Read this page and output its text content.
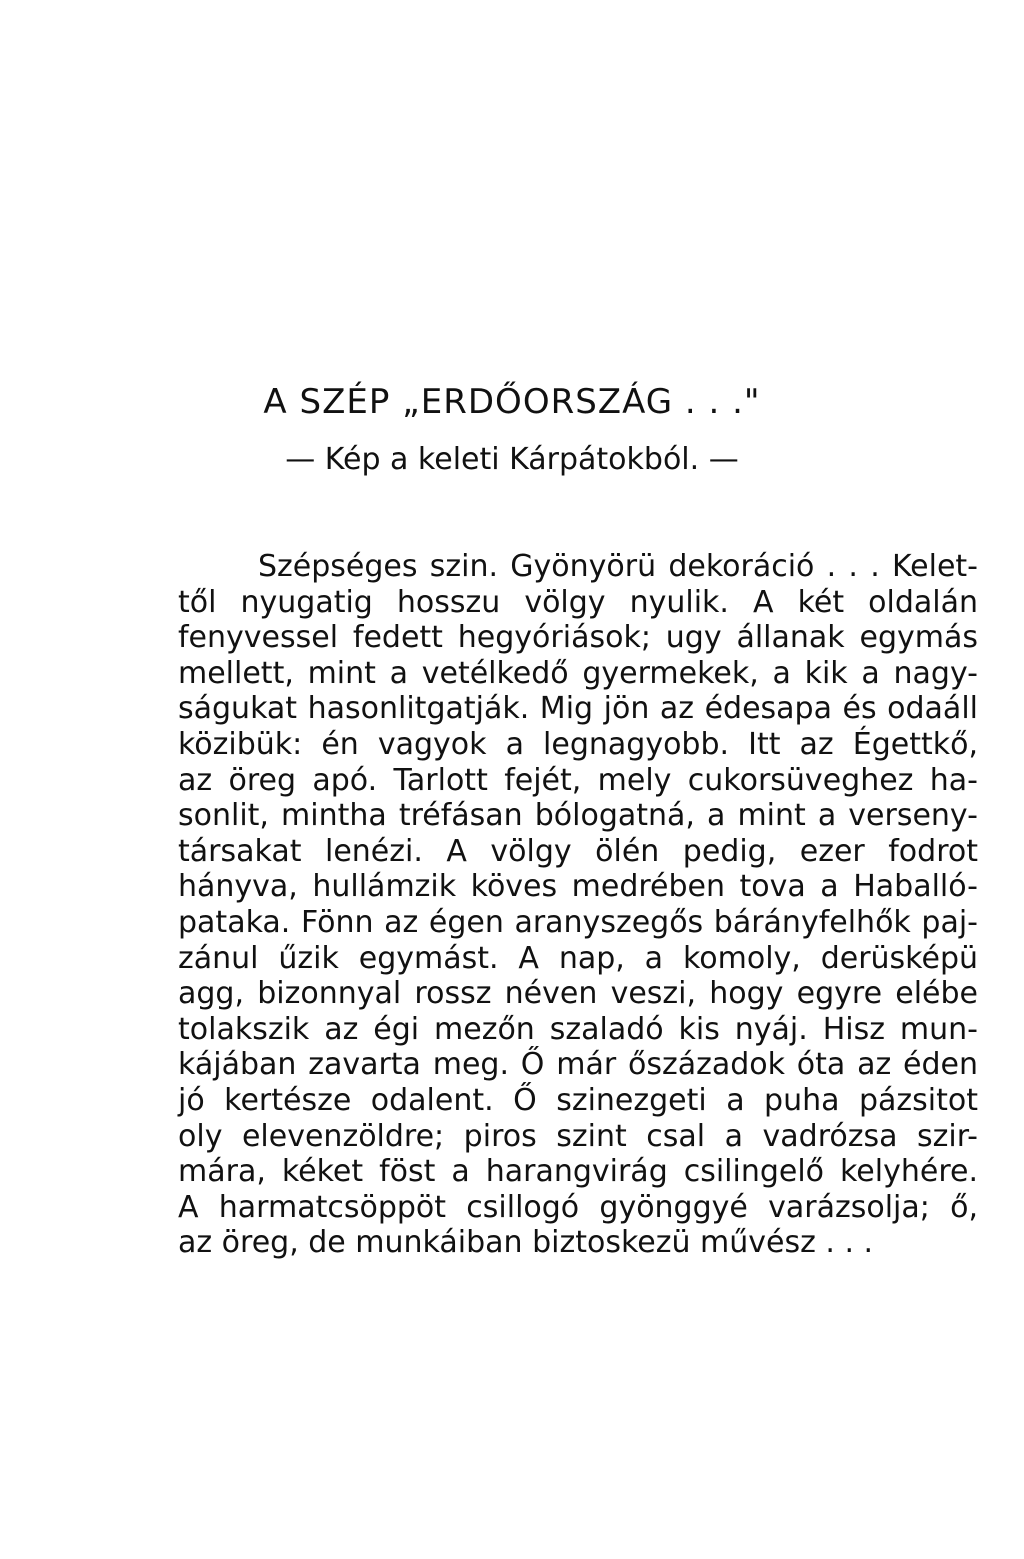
A SZÉP „ERDŐORSZÁG . . ."

— Kép a keleti Kárpátokból. —

Szépséges szin. Gyönyörü dekoráció . . . Kelet-
től nyugatig hosszu völgy nyulik. A két oldalán
fenyvessel fedett hegyóriások; ugy állanak egymás
mellett, mint a vetélkedő gyermekek, a kik a nagy-
ságukat hasonlitgatják. Mig jön az édesapa és odaáll
közibük: én vagyok a legnagyobb. Itt az Égettkő,
az öreg apó. Tarlott fejét, mely cukorsüveghez ha-
sonlit, mintha tréfásan bólogatná, a mint a verseny-
társakat lenézi. A völgy ölén pedig, ezer fodrot
hányva, hullámzik köves medrében tova a Haballó-
pataka. Fönn az égen aranyszegős bárányfelhők paj-
zánul űzik egymást. A nap, a komoly, derüsképü
agg, bizonnyal rossz néven veszi, hogy egyre elébe
tolakszik az égi mezőn szaladó kis nyáj. Hisz mun-
kájában zavarta meg. Ő már őszázadok óta az éden
jó kertésze odalent. Ő szinezgeti a puha pázsitot
oly elevenzöldre; piros szint csal a vadrózsa szir-
mára, kéket föst a harangvirág csilingelő kelyhére.
A harmatcsöppöt csillogó gyönggyé varázsolja; ő,
az öreg, de munkáiban biztoskezü művész . . .
